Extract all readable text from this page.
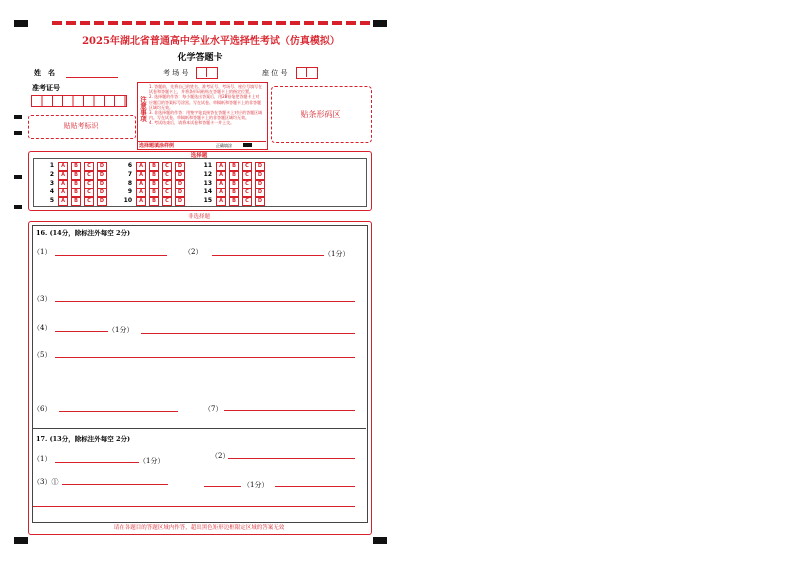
2025年湖北省普通高中学业水平选择性考试（仿真模拟）
化学答题卡
姓　名	考 场 号	座 位 号
准考证号
贴贴考标识
注意事项
1. 答题前，先将自己的姓名、准考证号、考场号、座位号填写在试卷和答题卡上，并将条形码粘贴在答题卡上的指定位置。
2. 选择题的作答：每小题选出答案后，用2B铅笔把答题卡上对应题目的答案标号涂黑。写在试卷、草稿纸和答题卡上的非答题区域均无效。
3. 非选择题的作答：用签字笔直接答在答题卡上对应的答题区域内。写在试卷、草稿纸和答题卡上的非答题区域均无效。
4. 考试结束后，请将本试卷和答题卡一并上交。
选择题填涂样例	正确填涂
贴条形码区
选择题
1 A B C D
2 A B C D
3 A B C D
4 A B C D
5 A B C D
6 A B C D
7 A B C D
8 A B C D
9 A B C D
10 A B C D
11 A B C D
12 A B C D
13 A B C D
14 A B C D
15 A B C D
非选择题
16. (14分，除标注外每空 2分)
（1）	（2）	（1分）
（3）
（4）	（1分）
（5）
（6）	（7）
17. (13分，除标注外每空 2分)
（1）	（1分）
（2）
（3）①	（1分）
请在各题目的答题区域内作答，超出黑色矩形边框限定区域的答案无效
